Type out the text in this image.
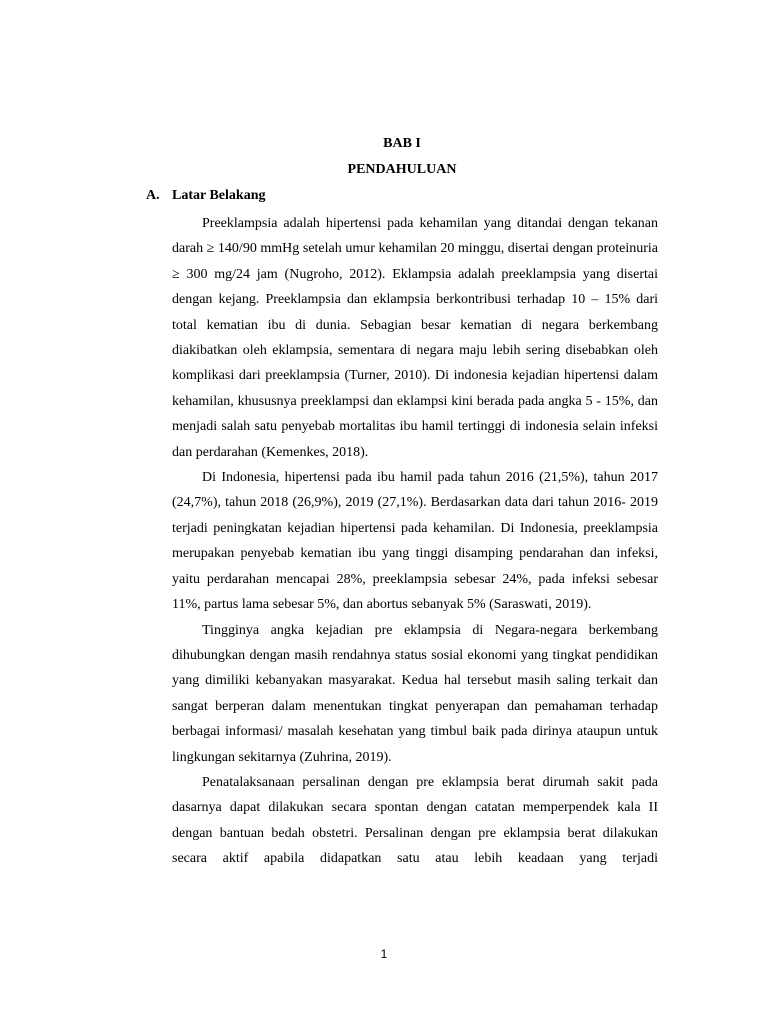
BAB I

PENDAHULUAN

A. Latar Belakang

Preeklampsia adalah hipertensi pada kehamilan yang ditandai dengan tekanan darah ≥ 140/90 mmHg setelah umur kehamilan 20 minggu, disertai dengan proteinuria ≥ 300 mg/24 jam (Nugroho, 2012). Eklampsia adalah preeklampsia yang disertai dengan kejang. Preeklampsia dan eklampsia berkontribusi terhadap 10 – 15% dari total kematian ibu di dunia. Sebagian besar kematian di negara berkembang diakibatkan oleh eklampsia, sementara di negara maju lebih sering disebabkan oleh komplikasi dari preeklampsia (Turner, 2010). Di indonesia kejadian hipertensi dalam kehamilan, khususnya preeklampsi dan eklampsi kini berada pada angka 5 - 15%, dan menjadi salah satu penyebab mortalitas ibu hamil tertinggi di indonesia selain infeksi dan perdarahan (Kemenkes, 2018).

Di Indonesia, hipertensi pada ibu hamil pada tahun 2016 (21,5%), tahun 2017 (24,7%), tahun 2018 (26,9%), 2019 (27,1%). Berdasarkan data dari tahun 2016- 2019 terjadi peningkatan kejadian hipertensi pada kehamilan. Di Indonesia, preeklampsia merupakan penyebab kematian ibu yang tinggi disamping pendarahan dan infeksi, yaitu perdarahan mencapai 28%, preeklampsia sebesar 24%, pada infeksi sebesar 11%, partus lama sebesar 5%, dan abortus sebanyak 5% (Saraswati, 2019).

Tingginya angka kejadian pre eklampsia di Negara-negara berkembang dihubungkan dengan masih rendahnya status sosial ekonomi yang tingkat pendidikan yang dimiliki kebanyakan masyarakat. Kedua hal tersebut masih saling terkait dan sangat berperan dalam menentukan tingkat penyerapan dan pemahaman terhadap berbagai informasi/ masalah kesehatan yang timbul baik pada dirinya ataupun untuk lingkungan sekitarnya (Zuhrina, 2019).

Penatalaksanaan persalinan dengan pre eklampsia berat dirumah sakit pada dasarnya dapat dilakukan secara spontan dengan catatan memperpendek kala II dengan bantuan bedah obstetri. Persalinan dengan pre eklampsia berat dilakukan secara aktif apabila didapatkan satu atau lebih keadaan yang terjadi

1
